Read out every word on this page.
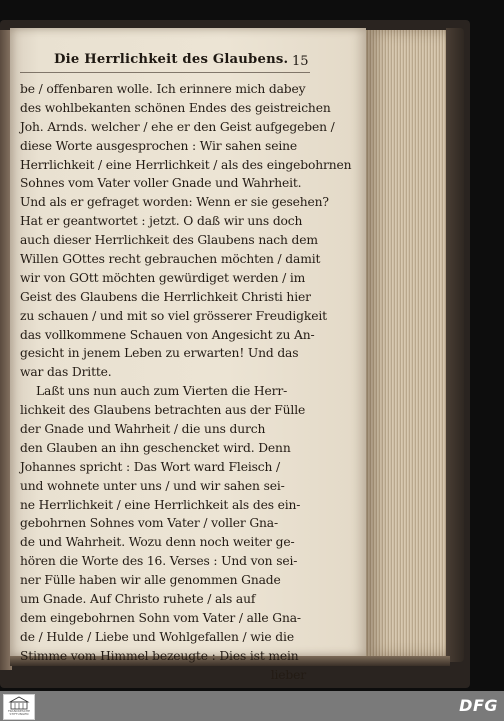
Die Herrlichkeit des Glaubens. 15
be / offenbaren wolle. Ich erinnere mich dabey
des wohlbekanten schönen Endes des geistreichen
Joh. Arnds. welcher / ehe er den Geist aufgegeben /
diese Worte ausgesprochen : Wir sahen seine
Herrlichkeit / eine Herrlichkeit / als des eingebohrnen
Sohnes vom Vater voller Gnade und Wahrheit.
Und als er gefraget worden: Wenn er sie gesehen?
Hat er geantwortet : jetzt. O daß wir uns doch
auch dieser Herrlichkeit des Glaubens nach dem
Willen GOttes recht gebrauchen möchten / damit
wir von GOtt möchten gewürdiget werden / im
Geist des Glaubens die Herrlichkeit Christi hier
zu schauen / und mit so viel grösserer Freudigkeit
das vollkommene Schauen von Angesicht zu An-
gesicht in jenem Leben zu erwarten! Und das
war das Dritte.
Laßt uns nun auch zum Vierten die Herr-
lichkeit des Glaubens betrachten aus der Fülle
der Gnade und Wahrheit / die uns durch
den Glauben an ihn geschencket wird. Denn
Johannes spricht : Das Wort ward Fleisch /
und wohnete unter uns / und wir sahen sei-
ne Herrlichkeit / eine Herrlichkeit als des ein-
gebohrnen Sohnes vom Vater / voller Gna-
de und Wahrheit. Wozu denn noch weiter ge-
hören die Worte des 16. Verses : Und von sei-
ner Fülle haben wir alle genommen Gnade
um Gnade. Auf Christo ruhete / als auf
dem eingebohrnen Sohn vom Vater / alle Gna-
de / Hulde / Liebe und Wohlgefallen / wie die
Stimme vom Himmel bezeugte : Dies ist mein
lieber
FRANCKESCHE STIFTUNGEN	DFG
